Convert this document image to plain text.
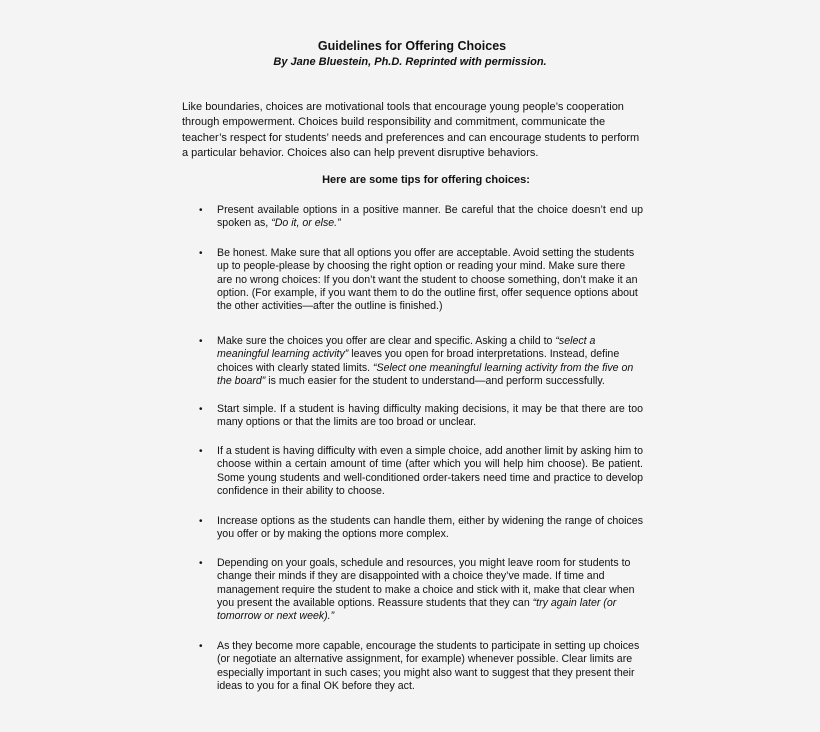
Guidelines for Offering Choices
By Jane Bluestein, Ph.D. Reprinted with permission.

Like boundaries, choices are motivational tools that encourage young people’s cooperation through empowerment. Choices build responsibility and commitment, communicate the teacher’s respect for students’ needs and preferences and can encourage students to perform a particular behavior. Choices also can help prevent disruptive behaviors.

Here are some tips for offering choices:
•	Present available options in a positive manner. Be careful that the choice doesn’t end up spoken as, “Do it, or else.”
•	Be honest. Make sure that all options you offer are acceptable. Avoid setting the students up to people-please by choosing the right option or reading your mind. Make sure there are no wrong choices: If you don’t want the student to choose something, don’t make it an option. (For example, if you want them to do the outline first, offer sequence options about the other activities—after the outline is finished.)
•	Make sure the choices you offer are clear and specific. Asking a child to “select a meaningful learning activity” leaves you open for broad interpretations. Instead, define choices with clearly stated limits. “Select one meaningful learning activity from the five on the board” is much easier for the student to understand—and perform successfully.
•	Start simple. If a student is having difficulty making decisions, it may be that there are too many options or that the limits are too broad or unclear.
•	If a student is having difficulty with even a simple choice, add another limit by asking him to choose within a certain amount of time (after which you will help him choose). Be patient. Some young students and well-conditioned order-takers need time and practice to develop confidence in their ability to choose.
•	Increase options as the students can handle them, either by widening the range of choices you offer or by making the options more complex.
•	Depending on your goals, schedule and resources, you might leave room for students to change their minds if they are disappointed with a choice they’ve made. If time and management require the student to make a choice and stick with it, make that clear when you present the available options. Reassure students that they can “try again later (or tomorrow or next week).”
•	As they become more capable, encourage the students to participate in setting up choices (or negotiate an alternative assignment, for example) whenever possible. Clear limits are especially important in such cases; you might also want to suggest that they present their ideas to you for a final OK before they act.
